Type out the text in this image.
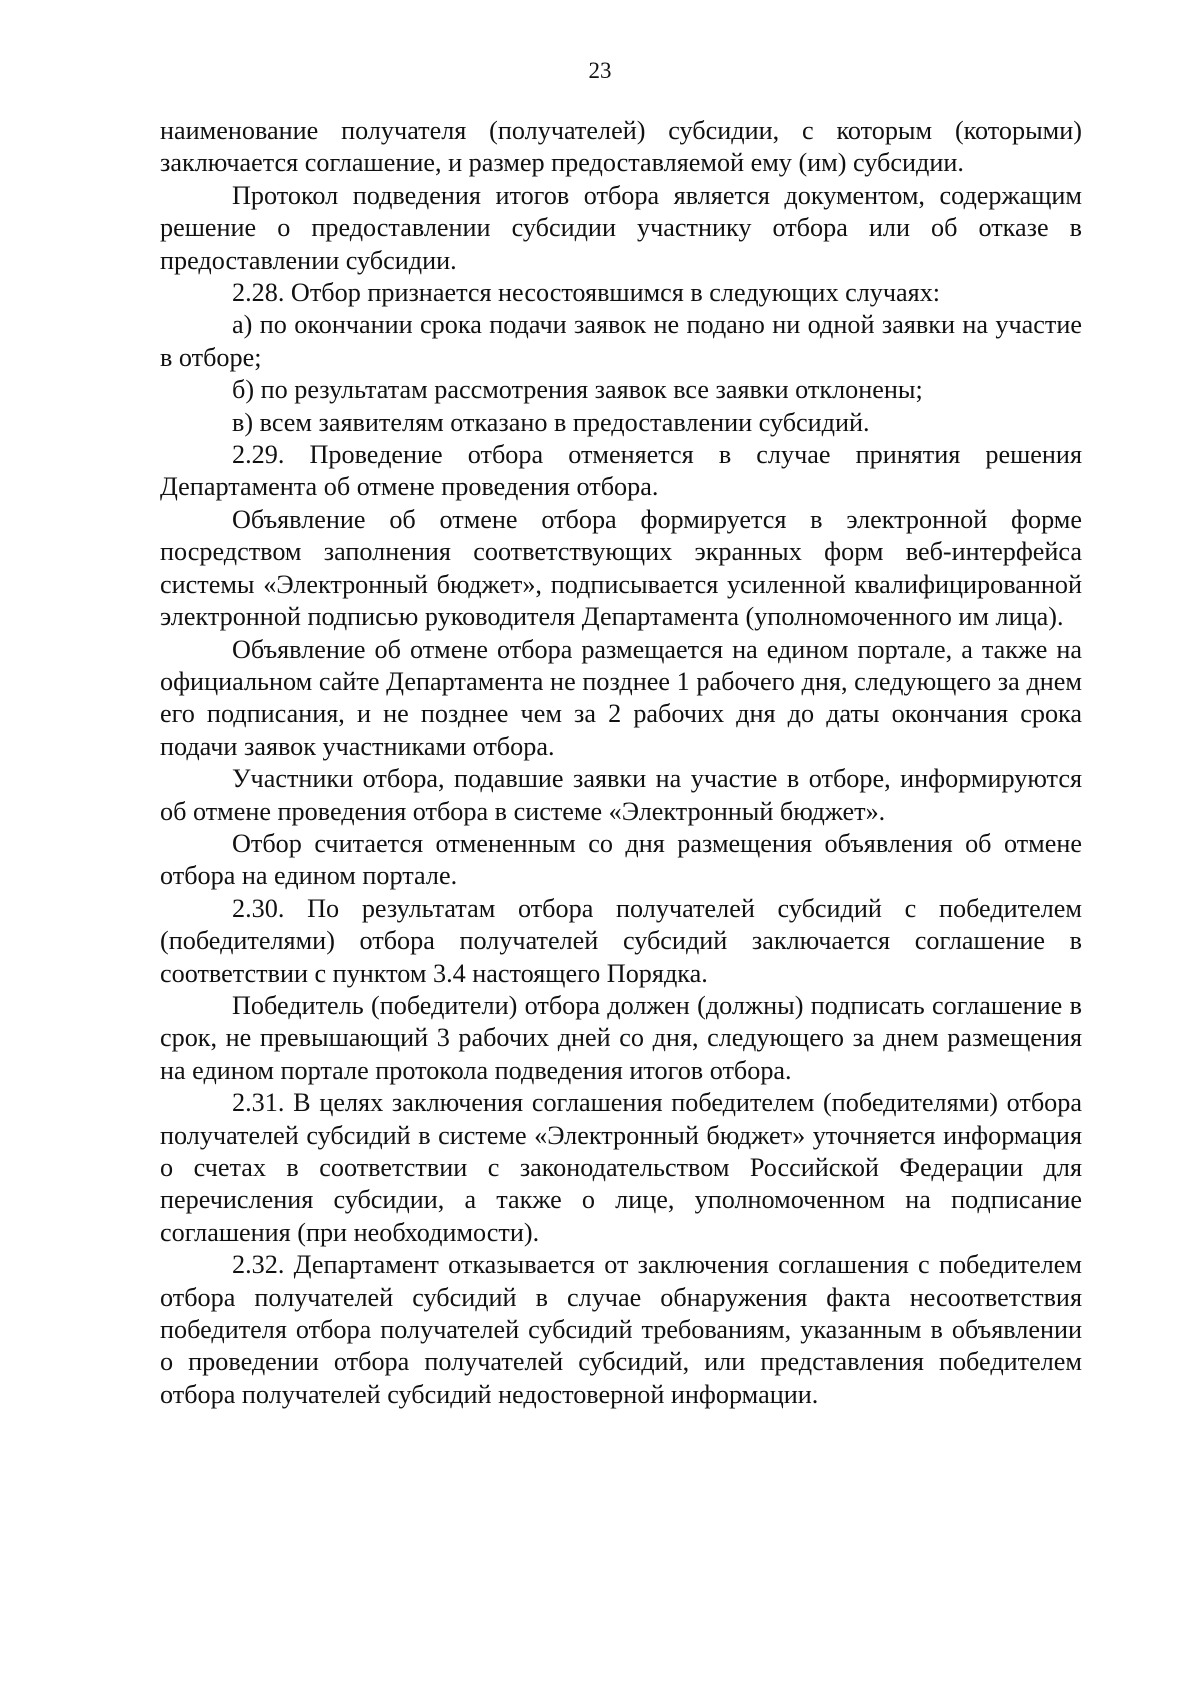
23

наименование получателя (получателей) субсидии, с которым (которыми) заключается соглашение, и размер предоставляемой ему (им) субсидии.

Протокол подведения итогов отбора является документом, содержащим решение о предоставлении субсидии участнику отбора или об отказе в предоставлении субсидии.

2.28. Отбор признается несостоявшимся в следующих случаях:

а) по окончании срока подачи заявок не подано ни одной заявки на участие в отборе;

б) по результатам рассмотрения заявок все заявки отклонены;

в) всем заявителям отказано в предоставлении субсидий.

2.29. Проведение отбора отменяется в случае принятия решения Департамента об отмене проведения отбора.

Объявление об отмене отбора формируется в электронной форме посредством заполнения соответствующих экранных форм веб-интерфейса системы «Электронный бюджет», подписывается усиленной квалифицированной электронной подписью руководителя Департамента (уполномоченного им лица).

Объявление об отмене отбора размещается на едином портале, а также на официальном сайте Департамента не позднее 1 рабочего дня, следующего за днем его подписания, и не позднее чем за 2 рабочих дня до даты окончания срока подачи заявок участниками отбора.

Участники отбора, подавшие заявки на участие в отборе, информируются об отмене проведения отбора в системе «Электронный бюджет».

Отбор считается отмененным со дня размещения объявления об отмене отбора на едином портале.

2.30. По результатам отбора получателей субсидий с победителем (победителями) отбора получателей субсидий заключается соглашение в соответствии с пунктом 3.4 настоящего Порядка.

Победитель (победители) отбора должен (должны) подписать соглашение в срок, не превышающий 3 рабочих дней со дня, следующего за днем размещения на едином портале протокола подведения итогов отбора.

2.31. В целях заключения соглашения победителем (победителями) отбора получателей субсидий в системе «Электронный бюджет» уточняется информация о счетах в соответствии с законодательством Российской Федерации для перечисления субсидии, а также о лице, уполномоченном на подписание соглашения (при необходимости).

2.32. Департамент отказывается от заключения соглашения с победителем отбора получателей субсидий в случае обнаружения факта несоответствия победителя отбора получателей субсидий требованиям, указанным в объявлении о проведении отбора получателей субсидий, или представления победителем отбора получателей субсидий недостоверной информации.
